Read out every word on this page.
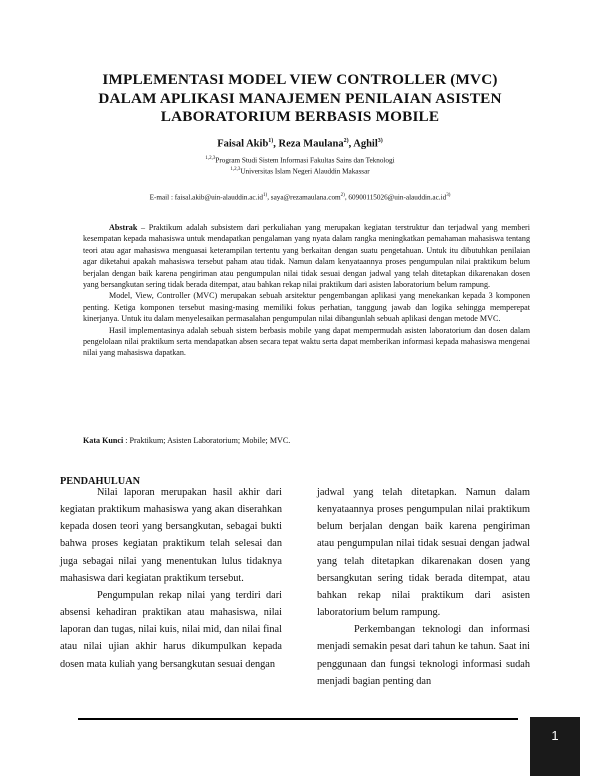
IMPLEMENTASI MODEL VIEW CONTROLLER (MVC)
DALAM APLIKASI MANAJEMEN PENILAIAN ASISTEN
LABORATORIUM BERBASIS MOBILE
Faisal Akib$^{1)}$, Reza Maulana$^{2)}$, Aghil$^{3)}$
$^{1,2,3}$Program Studi Sistem Informasi Fakultas Sains dan Teknologi
$^{1,2,3}$Universitas Islam Negeri Alauddin Makassar
E-mail : $faisal.akib@uin-alauddin.ac.id^{1)}$, saya@rezamaulana.com$^{2)}$, $60900115026@uin-alauddin.ac.id^{3)}$

Abstrak – Praktikum adalah subsistem dari perkuliahan yang merupakan kegiatan terstruktur dan terjadwal yang memberi kesempatan kepada mahasiswa untuk mendapatkan pengalaman yang nyata dalam rangka meningkatkan pemahaman mahasiswa tentang teori atau agar mahasiswa menguasai keterampilan tertentu yang berkaitan dengan suatu pengetahuan. Untuk itu dibutuhkan penilaian agar diketahui apakah mahasiswa tersebut paham atau tidak. Namun dalam kenyataannya proses pengumpulan nilai praktikum belum berjalan dengan baik karena pengiriman atau pengumpulan nilai tidak sesuai dengan jadwal yang telah ditetapkan dikarenakan dosen yang bersangkutan sering tidak berada ditempat, atau bahkan rekap nilai praktikum dari asisten laboratorium belum rampung.

Model, View, Controller (MVC) merupakan sebuah arsitektur pengembangan aplikasi yang menekankan kepada 3 komponen penting. Ketiga komponen tersebut masing-masing memiliki fokus perhatian, tanggung jawab dan logika sehingga memperepat kinerjanya. Untuk itu dalam menyelesaikan permasalahan pengumpulan nilai dibangunlah sebuah aplikasi dengan metode MVC.

Hasil implementasinya adalah sebuah sistem berbasis mobile yang dapat mempermudah asisten laboratorium dan dosen dalam pengelolaan nilai praktikum serta mendapatkan absen secara tepat waktu serta dapat memberikan informasi kepada mahasiswa mengenai nilai yang mahasiswa dapatkan.

Kata Kunci : Praktikum; Asisten Laboratorium; Mobile; MVC.
PENDAHULUAN

Nilai laporan merupakan hasil akhir dari kegiatan praktikum mahasiswa yang akan diserahkan kepada dosen teori yang bersangkutan, sebagai bukti bahwa proses kegiatan praktikum telah selesai dan juga sebagai nilai yang menentukan lulus tidaknya mahasiswa dari kegiatan praktikum tersebut.

Pengumpulan rekap nilai yang terdiri dari absensi kehadiran praktikan atau mahasiswa, nilai laporan dan tugas, nilai kuis, nilai mid, dan nilai final atau nilai ujian akhir harus dikumpulkan kepada dosen mata kuliah yang bersangkutan sesuai dengan

jadwal yang telah ditetapkan. Namun dalam kenyataannya proses pengumpulan nilai praktikum belum berjalan dengan baik karena pengiriman atau pengumpulan nilai tidak sesuai dengan jadwal yang telah ditetapkan dikarenakan dosen yang bersangkutan sering tidak berada ditempat, atau bahkan rekap nilai praktikum dari asisten laboratorium belum rampung.

Perkembangan teknologi dan informasi menjadi semakin pesat dari tahun ke tahun. Saat ini penggunaan dan fungsi teknologi informasi sudah menjadi bagian penting dan

1
